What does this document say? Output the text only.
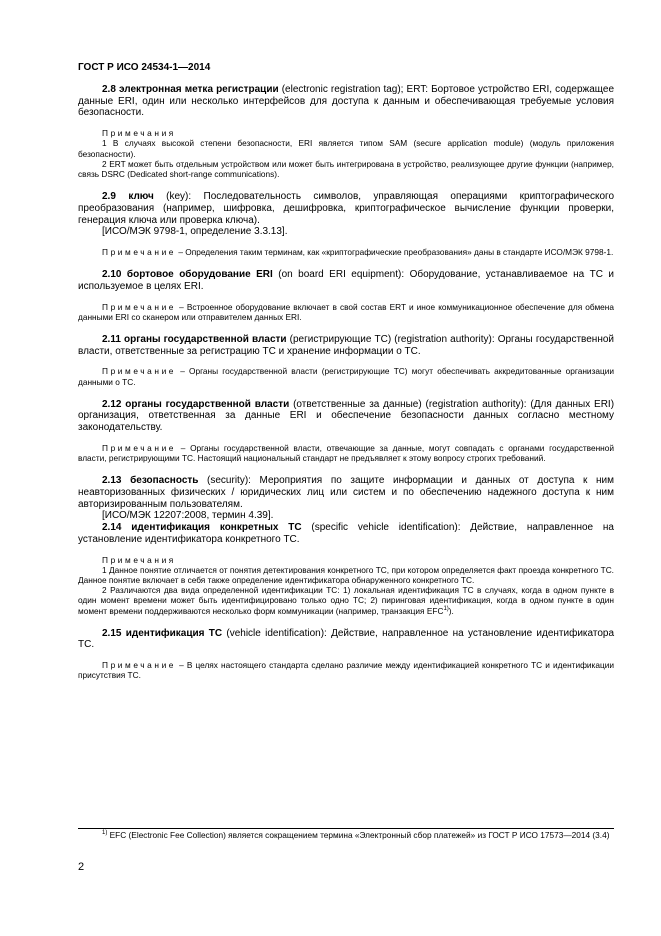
ГОСТ Р ИСО 24534-1—2014

2.8 электронная метка регистрации (electronic registration tag); ERT: Бортовое устройство ERI, содержащее данные ERI, один или несколько интерфейсов для доступа к данным и обеспечивающая требуемые условия безопасности.

Примечания

1 В случаях высокой степени безопасности, ERI является типом SAM (secure application module) (модуль приложения безопасности).

2 ERT может быть отдельным устройством или может быть интегрирована в устройство, реализующее другие функции (например, связь DSRC (Dedicated short-range communications).

2.9 ключ (key): Последовательность символов, управляющая операциями криптографического преобразования (например, шифровка, дешифровка, криптографическое вычисление функции проверки, генерация ключа или проверка ключа).

[ИСО/МЭК 9798-1, определение 3.3.13].

Примечание – Определения таким терминам, как «криптографические преобразования» даны в стандарте ИСО/МЭК 9798-1.

2.10 бортовое оборудование ERI (on board ERI equipment): Оборудование, устанавливаемое на ТС и используемое в целях ERI.

Примечание – Встроенное оборудование включает в свой состав ERT и иное коммуникационное обеспечение для обмена данными ERI со сканером или отправителем данных ERI.

2.11 органы государственной власти (регистрирующие ТС) (registration authority): Органы государственной власти, ответственные за регистрацию ТС и хранение информации о ТС.

Примечание – Органы государственной власти (регистрирующие ТС) могут обеспечивать аккредитованные организации данными о ТС.

2.12 органы государственной власти (ответственные за данные) (registration authority): (Для данных ERI) организация, ответственная за данные ERI и обеспечение безопасности данных согласно местному законодательству.

Примечание – Органы государственной власти, отвечающие за данные, могут совпадать с органами государственной власти, регистрирующими ТС. Настоящий национальный стандарт не предъявляет к этому вопросу строгих требований.

2.13 безопасность (security): Мероприятия по защите информации и данных от доступа к ним неавторизованных физических / юридических лиц или систем и по обеспечению надежного доступа к ним авторизированным пользователям.

[ИСО/МЭК 12207:2008, термин 4.39].

2.14 идентификация конкретных ТС (specific vehicle identification): Действие, направленное на установление идентификатора конкретного ТС.

Примечания

1 Данное понятие отличается от понятия детектирования конкретного ТС, при котором определяется факт проезда конкретного ТС. Данное понятие включает в себя также определение идентификатора обнаруженного конкретного ТС.

2 Различаются два вида определенной идентификации ТС: 1) локальная идентификация ТС в случаях, когда в одном пункте в один момент времени может быть идентифицировано только одно ТС; 2) пиринговая идентификация, когда в одном пункте в один момент времени поддерживаются несколько форм коммуникации (например, транзакция EFC$^{1)}$).

2.15 идентификация ТС (vehicle identification): Действие, направленное на установление идентификатора ТС.

Примечание – В целях настоящего стандарта сделано различие между идентификацией конкретного ТС и идентификации присутствия ТС.

$^{1)}$ EFC (Electronic Fee Collection) является сокращением термина «Электронный сбор платежей» из ГОСТ Р ИСО 17573—2014 (3.4)

2
